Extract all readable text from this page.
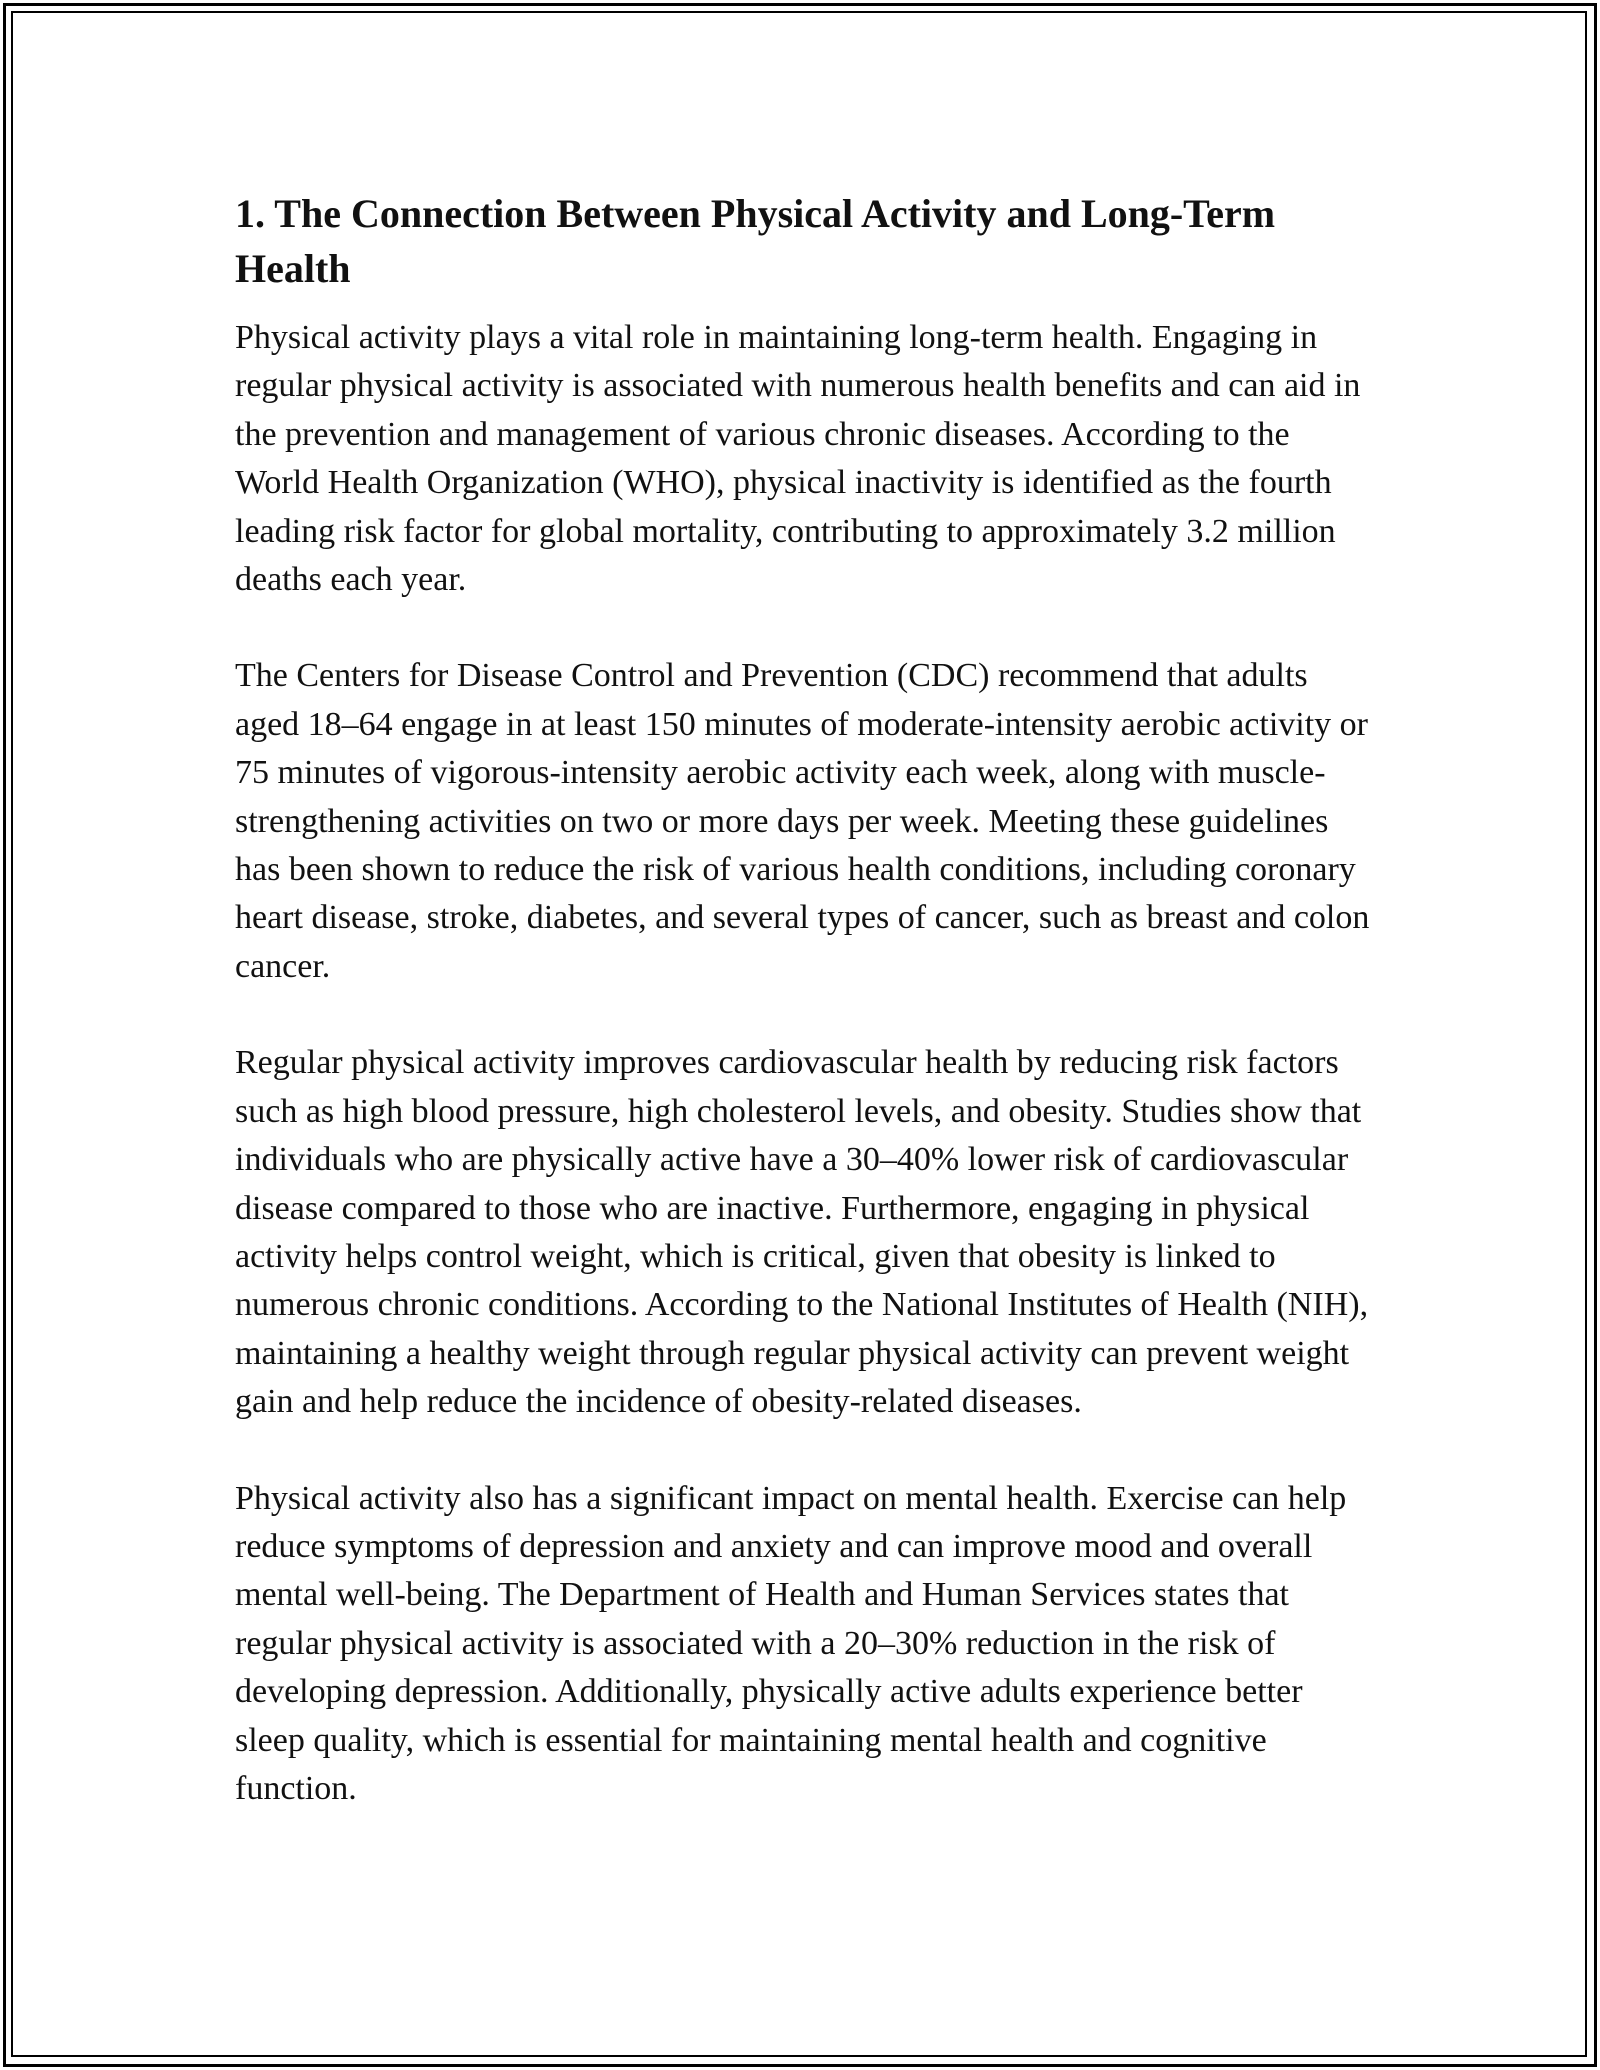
1. The Connection Between Physical Activity and Long-Term Health

Physical activity plays a vital role in maintaining long-term health. Engaging in regular physical activity is associated with numerous health benefits and can aid in the prevention and management of various chronic diseases. According to the World Health Organization (WHO), physical inactivity is identified as the fourth leading risk factor for global mortality, contributing to approximately 3.2 million deaths each year.

The Centers for Disease Control and Prevention (CDC) recommend that adults aged 18–64 engage in at least 150 minutes of moderate-intensity aerobic activity or 75 minutes of vigorous-intensity aerobic activity each week, along with muscle-strengthening activities on two or more days per week. Meeting these guidelines has been shown to reduce the risk of various health conditions, including coronary heart disease, stroke, diabetes, and several types of cancer, such as breast and colon cancer.

Regular physical activity improves cardiovascular health by reducing risk factors such as high blood pressure, high cholesterol levels, and obesity. Studies show that individuals who are physically active have a 30–40% lower risk of cardiovascular disease compared to those who are inactive. Furthermore, engaging in physical activity helps control weight, which is critical, given that obesity is linked to numerous chronic conditions. According to the National Institutes of Health (NIH), maintaining a healthy weight through regular physical activity can prevent weight gain and help reduce the incidence of obesity-related diseases.

Physical activity also has a significant impact on mental health. Exercise can help reduce symptoms of depression and anxiety and can improve mood and overall mental well-being. The Department of Health and Human Services states that regular physical activity is associated with a 20–30% reduction in the risk of developing depression. Additionally, physically active adults experience better sleep quality, which is essential for maintaining mental health and cognitive function.
